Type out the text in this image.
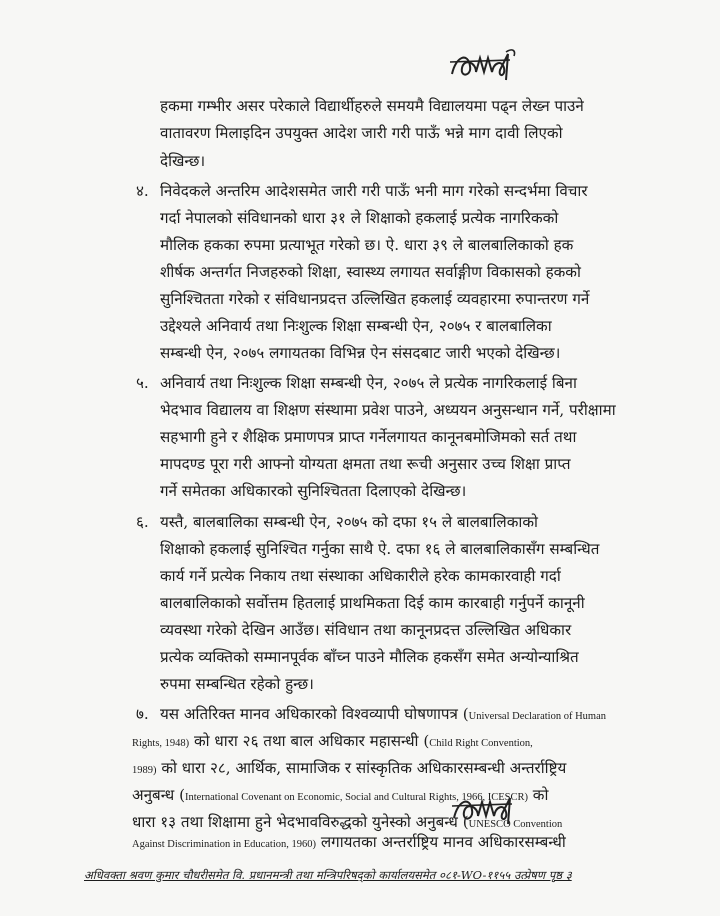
हकमा गम्भीर असर परेकाले विद्यार्थीहरुले समयमै विद्यालयमा पढ्न लेख्न पाउने
वातावरण मिलाइदिन उपयुक्त आदेश जारी गरी पाऊँ भन्ने माग दावी लिएको
देखिन्छ।
४. निवेदकले अन्तरिम आदेशसमेत जारी गरी पाऊँ भनी माग गरेको सन्दर्भमा विचार
गर्दा नेपालको संविधानको धारा ३१ ले शिक्षाको हकलाई प्रत्येक नागरिकको
मौलिक हकका रुपमा प्रत्याभूत गरेको छ। ऐ. धारा ३९ ले बालबालिकाको हक
शीर्षक अन्तर्गत निजहरुको शिक्षा, स्वास्थ्य लगायत सर्वाङ्गीण विकासको हकको
सुनिश्चितता गरेको र संविधानप्रदत्त उल्लिखित हकलाई व्यवहारमा रुपान्तरण गर्ने
उद्देश्यले अनिवार्य तथा निःशुल्क शिक्षा सम्बन्धी ऐन, २०७५ र बालबालिका
सम्बन्धी ऐन, २०७५ लगायतका विभिन्न ऐन संसदबाट जारी भएको देखिन्छ।
५. अनिवार्य तथा निःशुल्क शिक्षा सम्बन्धी ऐन, २०७५ ले प्रत्येक नागरिकलाई बिना
भेदभाव विद्यालय वा शिक्षण संस्थामा प्रवेश पाउने, अध्ययन अनुसन्धान गर्ने, परीक्षामा
सहभागी हुने र शैक्षिक प्रमाणपत्र प्राप्त गर्नेलगायत कानूनबमोजिमको सर्त तथा
मापदण्ड पूरा गरी आफ्नो योग्यता क्षमता तथा रूची अनुसार उच्च शिक्षा प्राप्त
गर्ने समेतका अधिकारको सुनिश्चितता दिलाएको देखिन्छ।
६. यस्तै, बालबालिका सम्बन्धी ऐन, २०७५ को दफा १५ ले बालबालिकाको
शिक्षाको हकलाई सुनिश्चित गर्नुका साथै ऐ. दफा १६ ले बालबालिकासँग सम्बन्धित
कार्य गर्ने प्रत्येक निकाय तथा संस्थाका अधिकारीले हरेक कामकारवाही गर्दा
बालबालिकाको सर्वोत्तम हितलाई प्राथमिकता दिई काम कारबाही गर्नुपर्ने कानूनी
व्यवस्था गरेको देखिन आउँछ। संविधान तथा कानूनप्रदत्त उल्लिखित अधिकार
प्रत्येक व्यक्तिको सम्मानपूर्वक बाँच्न पाउने मौलिक हकसँग समेत अन्योन्याश्रित
रुपमा सम्बन्धित रहेको हुन्छ।
७. यस अतिरिक्त मानव अधिकारको विश्वव्यापी घोषणापत्र (Universal Declaration of Human
Rights, 1948) को धारा २६ तथा बाल अधिकार महासन्धी (Child Right Convention,
1989) को धारा २८, आर्थिक, सामाजिक र सांस्कृतिक अधिकारसम्बन्धी अन्तर्राष्ट्रिय
अनुबन्ध (International Covenant on Economic, Social and Cultural Rights, 1966, ICESCR) को
धारा १३ तथा शिक्षामा हुने भेदभावविरुद्धको युनेस्को अनुबन्ध (UNESCO Convention
Against Discrimination in Education, 1960) लगायतका अन्तर्राष्ट्रिय मानव अधिकारसम्बन्धी
अधिवक्ता श्रवण कुमार चौधरीसमेत वि. प्रधानमन्त्री तथा मन्त्रिपरिषद्‌को कार्यालयसमेत ०८१-WO-११५५ उत्प्रेषण पृष्ठ ३
